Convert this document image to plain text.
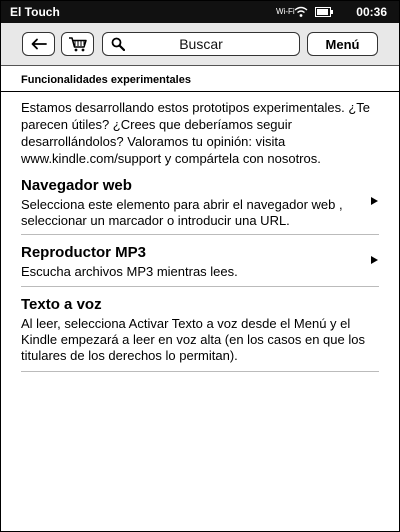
El Touch	Wi-Fi	00:36
Buscar	Menú
Funcionalidades experimentales
Estamos desarrollando estos prototipos experimentales. ¿Te parecen útiles? ¿Crees que deberíamos seguir desarrollándolos? Valoramos tu opinión: visita www.kindle.com/support y compártela con nosotros.
Navegador web
Selecciona este elemento para abrir el navegador web , seleccionar un marcador o introducir una URL.
Reproductor MP3
Escucha archivos MP3 mientras lees.
Texto a voz
Al leer, selecciona Activar Texto a voz desde el Menú y el Kindle empezará a leer en voz alta (en los casos en que los titulares de los derechos lo permitan).
